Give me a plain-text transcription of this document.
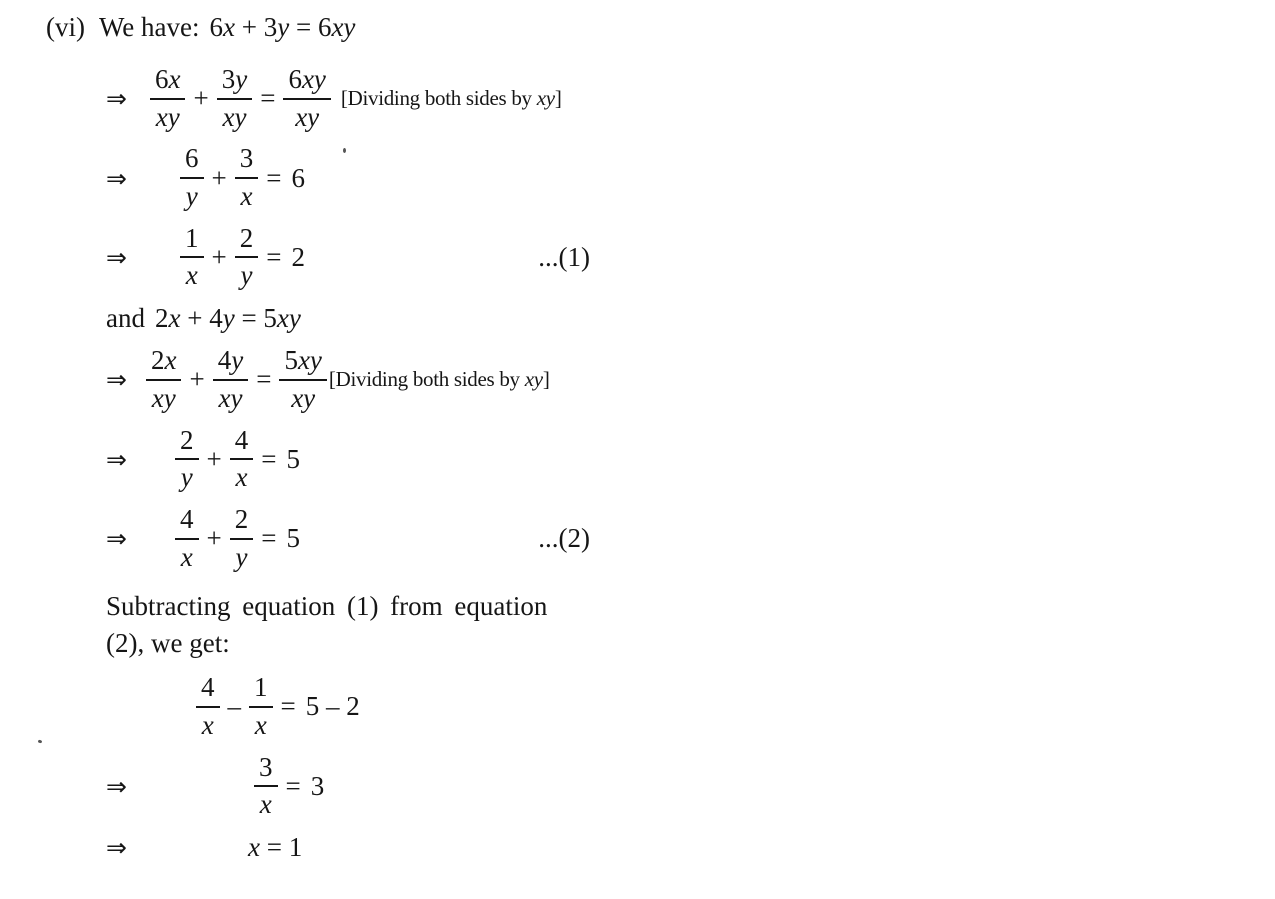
(vi) We have: 6x + 3y = 6xy
⇒ $\frac{6x}{xy} + \frac{3y}{xy} = \frac{6xy}{xy}$ [Dividing both sides by xy]
⇒	$\frac{6}{y} + \frac{3}{x} = 6$
⇒	$\frac{1}{x} + \frac{2}{y} = 2$	...(1)
and 2x + 4y = 5xy
⇒ $\frac{2x}{xy} + \frac{4y}{xy} = \frac{5xy}{xy}$ [Dividing both sides by xy]
⇒	$\frac{2}{y} + \frac{4}{x} = 5$
⇒	$\frac{4}{x} + \frac{2}{y} = 5$	...(2)
Subtracting equation (1) from equation
(2), we get:
$\frac{4}{x} - \frac{1}{x} = 5 - 2$
⇒	$\frac{3}{x} = 3$
⇒	x = 1
